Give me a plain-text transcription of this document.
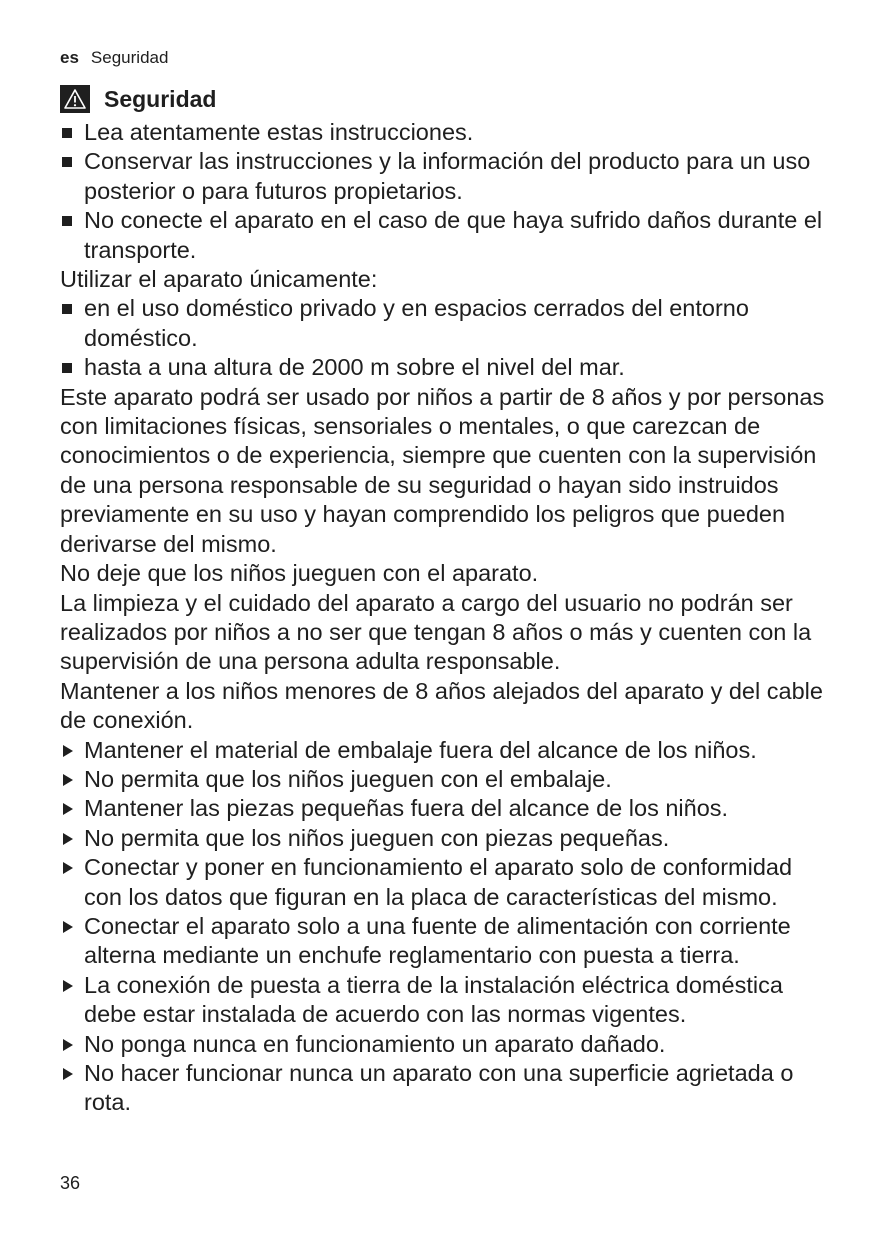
es Seguridad
Seguridad
Lea atentamente estas instrucciones.
Conservar las instrucciones y la información del producto para un uso posterior o para futuros propietarios.
No conecte el aparato en el caso de que haya sufrido daños durante el transporte.

Utilizar el aparato únicamente:

en el uso doméstico privado y en espacios cerrados del entorno doméstico.
hasta a una altura de 2000 m sobre el nivel del mar.

Este aparato podrá ser usado por niños a partir de 8 años y por personas con limitaciones físicas, sensoriales o mentales, o que carezcan de conocimientos o de experiencia, siempre que cuenten con la supervisión de una persona responsable de su seguridad o hayan sido instruidos previamente en su uso y hayan comprendido los peligros que pueden derivarse del mismo.

No deje que los niños jueguen con el aparato.

La limpieza y el cuidado del aparato a cargo del usuario no podrán ser realizados por niños a no ser que tengan 8 años o más y cuenten con la supervisión de una persona adulta responsable.

Mantener a los niños menores de 8 años alejados del aparato y del cable de conexión.

Mantener el material de embalaje fuera del alcance de los niños.
No permita que los niños jueguen con el embalaje.
Mantener las piezas pequeñas fuera del alcance de los niños.
No permita que los niños jueguen con piezas pequeñas.
Conectar y poner en funcionamiento el aparato solo de conformidad con los datos que figuran en la placa de características del mismo.
Conectar el aparato solo a una fuente de alimentación con corriente alterna mediante un enchufe reglamentario con puesta a tierra.
La conexión de puesta a tierra de la instalación eléctrica doméstica debe estar instalada de acuerdo con las normas vigentes.
No ponga nunca en funcionamiento un aparato dañado.
No hacer funcionar nunca un aparato con una superficie agrietada o rota.
36
